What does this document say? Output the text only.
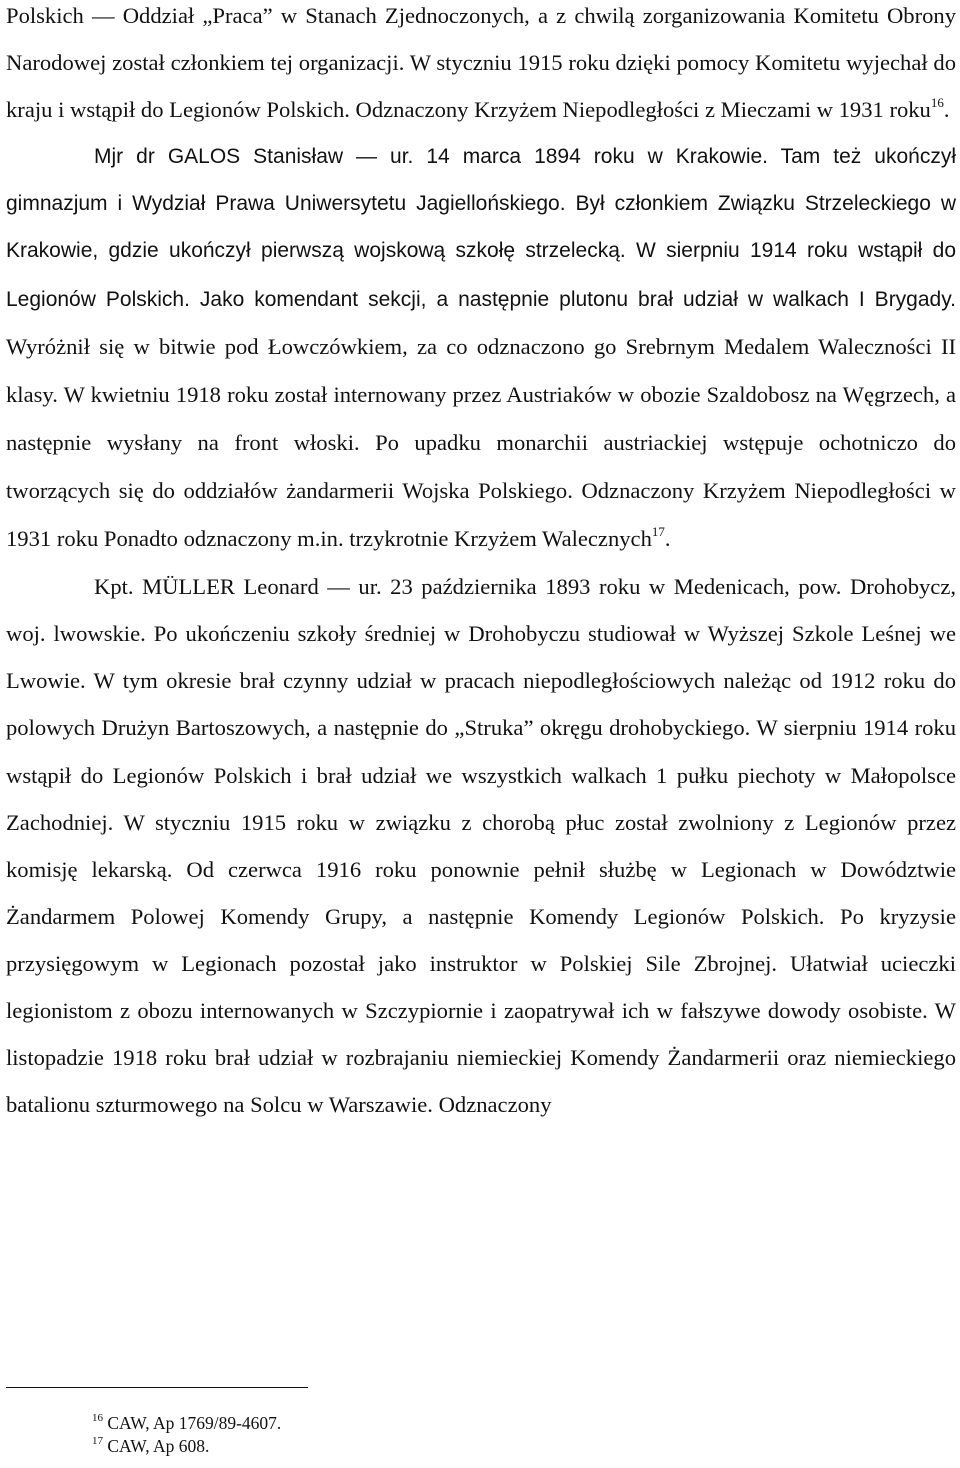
Polskich — Oddział „Praca” w Stanach Zjednoczonych, a z chwilą zorganizowania Komitetu Obrony Narodowej został członkiem tej organizacji. W styczniu 1915 roku dzięki pomocy Komitetu wyjechał do kraju i wstąpił do Legionów Polskich. Odznaczony Krzyżem Niepodległości z Mieczami w 1931 roku$^{16}$.

Mjr dr GALOS Stanisław — ur. 14 marca 1894 roku w Krakowie. Tam też ukończył gimnazjum i Wydział Prawa Uniwersytetu Jagiellońskiego. Był członkiem Związku Strzeleckiego w Krakowie, gdzie ukończył pierwszą wojskową szkołę strzelecką. W sierpniu 1914 roku wstąpił do Legionów Polskich. Jako komendant sekcji, a następnie plutonu brał udział w walkach I Brygady. Wyróżnił się w bitwie pod Łowczówkiem, za co odznaczono go Srebrnym Medalem Waleczności II klasy. W kwietniu 1918 roku został internowany przez Austriaków w obozie Szaldobosz na Węgrzech, a następnie wysłany na front włoski. Po upadku monarchii austriackiej wstępuje ochotniczo do tworzących się do oddziałów żandarmerii Wojska Polskiego. Odznaczony Krzyżem Niepodległości w 1931 roku Ponadto odznaczony m.in. trzykrotnie Krzyżem Walecznych$^{17}$.

Kpt. MÜLLER Leonard — ur. 23 października 1893 roku w Medenicach, pow. Drohobycz, woj. lwowskie. Po ukończeniu szkoły średniej w Drohobyczu studiował w Wyższej Szkole Leśnej we Lwowie. W tym okresie brał czynny udział w pracach niepodległościowych należąc od 1912 roku do polowych Drużyn Bartoszowych, a następnie do „Struka” okręgu drohobyckiego. W sierpniu 1914 roku wstąpił do Legionów Polskich i brał udział we wszystkich walkach 1 pułku piechoty w Małopolsce Zachodniej. W styczniu 1915 roku w związku z chorobą płuc został zwolniony z Legionów przez komisję lekarską. Od czerwca 1916 roku ponownie pełnił służbę w Legionach w Dowództwie Żandarmem Polowej Komendy Grupy, a następnie Komendy Legionów Polskich. Po kryzysie przysięgowym w Legionach pozostał jako instruktor w Polskiej Sile Zbrojnej. Ułatwiał ucieczki legionistom z obozu internowanych w Szczypiornie i zaopatrywał ich w fałszywe dowody osobiste. W listopadzie 1918 roku brał udział w rozbrajaniu niemieckiej Komendy Żandarmerii oraz niemieckiego batalionu szturmowego na Solcu w Warszawie. Odznaczony

$^{16}$ CAW, Ap 1769/89-4607.

$^{17}$ CAW, Ap 608.
